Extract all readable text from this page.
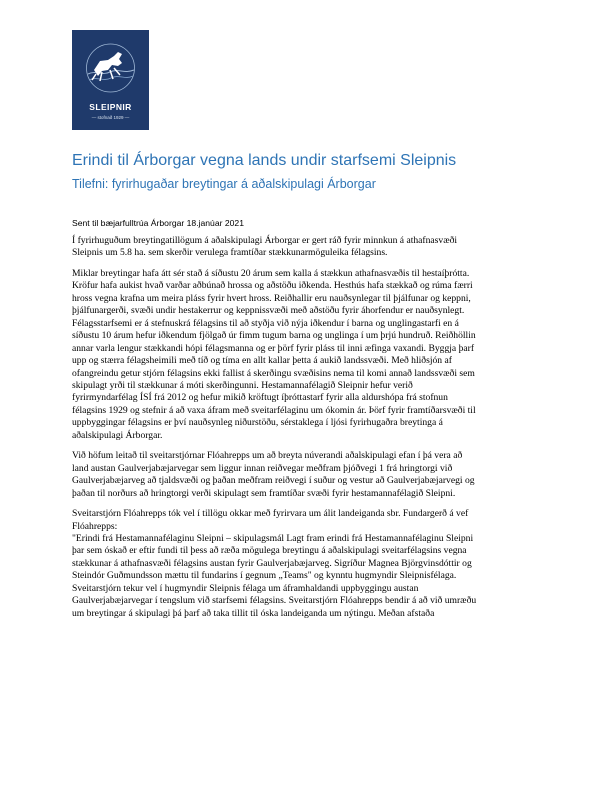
SLEIPNIR
— stofnað 1929 —
Erindi til Árborgar vegna lands undir starfsemi Sleipnis
Tilefni: fyrirhugaðar breytingar á aðalskipulagi Árborgar
Sent til bæjarfulltrúa Árborgar 18.janúar 2021

Í fyrirhuguðum breytingatillögum á aðalskipulagi Árborgar er gert ráð fyrir minnkun á athafnasvæði
Sleipnis um 5.8 ha. sem skerðir verulega framtíðar stækkunarmöguleika félagsins.

Miklar breytingar hafa átt sér stað á síðustu 20 árum sem kalla á stækkun athafnasvæðis til hestaíþrótta.
Kröfur hafa aukist hvað varðar aðbúnað hrossa og aðstöðu iðkenda. Hesthús hafa stækkað og rúma færri
hross vegna krafna um meira pláss fyrir hvert hross. Reiðhallir eru nauðsynlegar til þjálfunar og keppni,
þjálfunargerði, svæði undir hestakerrur og keppnissvæði með aðstöðu fyrir áhorfendur er nauðsynlegt.
Félagsstarfsemi er á stefnuskrá félagsins til að styðja við nýja iðkendur í barna og unglingastarfi en á
síðustu 10 árum hefur iðkendum fjölgað úr fimm tugum barna og unglinga í um þrjú hundruð. Reiðhöllin
annar varla lengur stækkandi hópi félagsmanna og er þörf fyrir pláss til inni æfinga vaxandi. Byggja þarf
upp og stærra félagsheimili með tíð og tíma en allt kallar þetta á aukið landssvæði. Með hliðsjón af
ofangreindu getur stjórn félagsins ekki fallist á skerðingu svæðisins nema til komi annað landssvæði sem
skipulagt yrði til stækkunar á móti skerðingunni. Hestamannafélagið Sleipnir hefur verið
fyrirmyndarfélag ÍSÍ frá 2012 og hefur mikið kröftugt íþróttastarf fyrir alla aldurshópa frá stofnun
félagsins 1929 og stefnir á að vaxa áfram með sveitarfélaginu um ókomin ár. Þörf fyrir framtíðarsvæði til
uppbyggingar félagsins er því nauðsynleg niðurstöðu, sérstaklega í ljósi fyrirhugaðra breytinga á
aðalskipulagi Árborgar.

Við höfum leitað til sveitarstjórnar Flóahrepps um að breyta núverandi aðalskipulagi efan í þá vera að
land austan Gaulverjabæjarvegar sem liggur innan reiðvegar meðfram þjóðvegi 1 frá hringtorgi við
Gaulverjabæjarveg að tjaldsvæði og þaðan meðfram reiðvegi í suður og vestur að Gaulverjabæjarvegi og
þaðan til norðurs að hringtorgi verði skipulagt sem framtíðar svæði fyrir hestamannafélagið Sleipni.

Sveitarstjórn Flóahrepps tók vel í tillögu okkar með fyrirvara um álit landeiganda sbr. Fundargerð á vef
Flóahrepps:
"Erindi frá Hestamannafélaginu Sleipni – skipulagsmál Lagt fram erindi frá Hestamannafélaginu Sleipni
þar sem óskað er eftir fundi til þess að ræða mögulega breytingu á aðalskipulagi sveitarfélagsins vegna
stækkunar á athafnasvæði félagsins austan fyrir Gaulverjabæjarveg. Sigríður Magnea Björgvinsdóttir og
Steindór Guðmundsson mættu til fundarins í gegnum „Teams" og kynntu hugmyndir Sleipnisfélaga.
Sveitarstjórn tekur vel í hugmyndir Sleipnis félaga um áframhaldandi uppbyggingu austan
Gaulverjabæjarvegar í tengslum við starfsemi félagsins. Sveitarstjórn Flóahrepps bendir á að við umræðu
um breytingar á skipulagi þá þarf að taka tillit til óska landeiganda um nýtingu. Meðan afstaða
